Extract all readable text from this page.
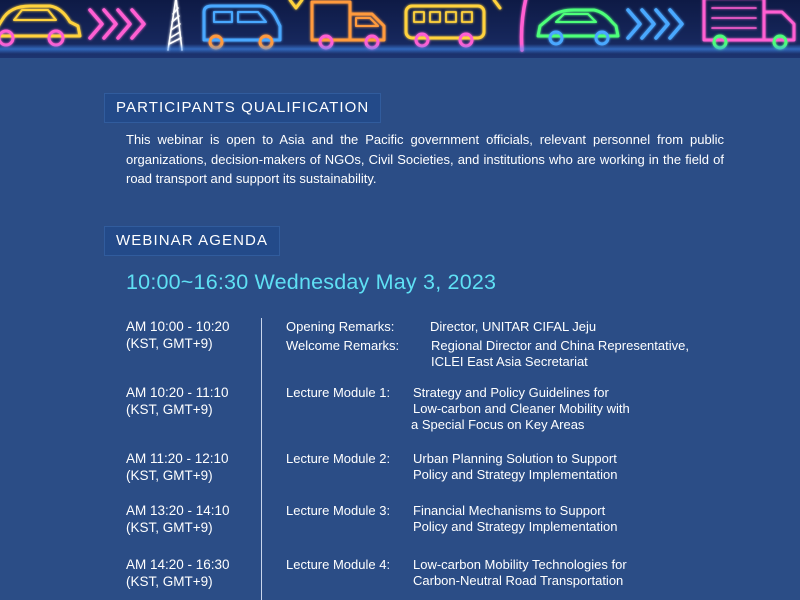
PARTICIPANTS QUALIFICATION
This webinar is open to Asia and the Pacific government officials, relevant personnel from public organizations, decision-makers of NGOs, Civil Societies, and institutions who are working in the field of road transport and support its sustainability.
WEBINAR AGENDA
10:00~16:30 Wednesday May 3, 2023
AM 10:00 - 10:20
(KST, GMT+9)
Opening Remarks:	Director, UNITAR CIFAL Jeju
Welcome Remarks: Regional Director and China Representative,
ICLEI East Asia Secretariat
AM 10:20 - 11:10
(KST, GMT+9)
Lecture Module 1: Strategy and Policy Guidelines for
Low-carbon and Cleaner Mobility with
a Special Focus on Key Areas
AM 11:20 - 12:10
(KST, GMT+9)
Lecture Module 2: Urban Planning Solution to Support
Policy and Strategy Implementation
AM 13:20 - 14:10
(KST, GMT+9)
Lecture Module 3: Financial Mechanisms to Support
Policy and Strategy Implementation
AM 14:20 - 16:30
(KST, GMT+9)
Lecture Module 4: Low-carbon Mobility Technologies for
Carbon-Neutral Road Transportation
